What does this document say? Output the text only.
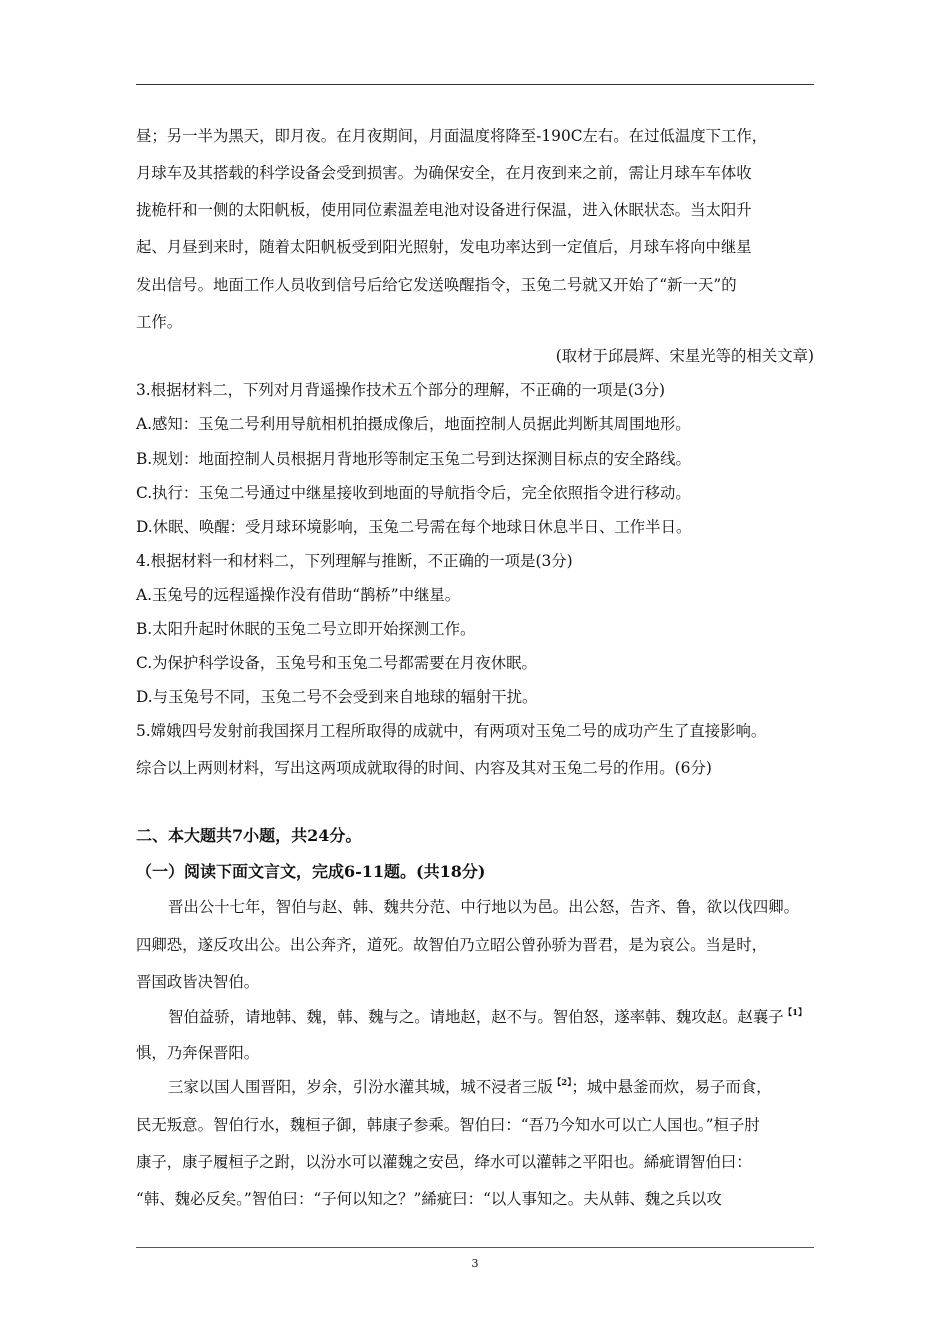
昼；另一半为黑天，即月夜。在月夜期间，月面温度将降至-190C左右。在过低温度下工作，
月球车及其搭载的科学设备会受到损害。为确保安全，在月夜到来之前，需让月球车车体收
拢桅杆和一侧的太阳帆板，使用同位素温差电池对设备进行保温，进入休眠状态。当太阳升
起、月昼到来时，随着太阳帆板受到阳光照射，发电功率达到一定值后，月球车将向中继星
发出信号。地面工作人员收到信号后给它发送唤醒指令，玉兔二号就又开始了“新一天”的
工作。
(取材于邱晨辉、宋星光等的相关文章)
3.根据材料二，下列对月背遥操作技术五个部分的理解，不正确的一项是(3分)
A.感知：玉兔二号利用导航相机拍摄成像后，地面控制人员据此判断其周围地形。
B.规划：地面控制人员根据月背地形等制定玉兔二号到达探测目标点的安全路线。
C.执行：玉兔二号通过中继星接收到地面的导航指令后，完全依照指令进行移动。
D.休眠、唤醒：受月球环境影响，玉兔二号需在每个地球日休息半日、工作半日。
4.根据材料一和材料二，下列理解与推断，不正确的一项是(3分)
A.玉兔号的远程遥操作没有借助“鹊桥”中继星。
B.太阳升起时休眠的玉兔二号立即开始探测工作。
C.为保护科学设备，玉兔号和玉兔二号都需要在月夜休眠。
D.与玉兔号不同，玉兔二号不会受到来自地球的辐射干扰。
5.嫦娥四号发射前我国探月工程所取得的成就中，有两项对玉兔二号的成功产生了直接影响。
综合以上两则材料，写出这两项成就取得的时间、内容及其对玉兔二号的作用。(6分)
二、本大题共7小题，共24分。
（一）阅读下面文言文，完成6-11题。(共18分)
晋出公十七年，智伯与赵、韩、魏共分范、中行地以为邑。出公怒，告齐、鲁，欲以伐四卿。
四卿恐，遂反攻出公。出公奔齐，道死。故智伯乃立昭公曾孙骄为晋君，是为哀公。当是时，
晋国政皆决智伯。
智伯益骄，请地韩、魏，韩、魏与之。请地赵，赵不与。智伯怒，遂率韩、魏攻赵。赵襄子$^{【1】}$
惧，乃奔保晋阳。
三家以国人围晋阳，岁余，引汾水灌其城，城不浸者三版$^{【2】}$；城中悬釜而炊，易子而食，
民无叛意。智伯行水，魏桓子御，韩康子参乘。智伯曰：“吾乃今知水可以亡人国也。”桓子肘
康子，康子履桓子之跗，以汾水可以灌魏之安邑，绛水可以灌韩之平阳也。絺疵谓智伯曰：
“韩、魏必反矣。”智伯曰：“子何以知之？”絺疵曰：“以人事知之。夫从韩、魏之兵以攻
3
